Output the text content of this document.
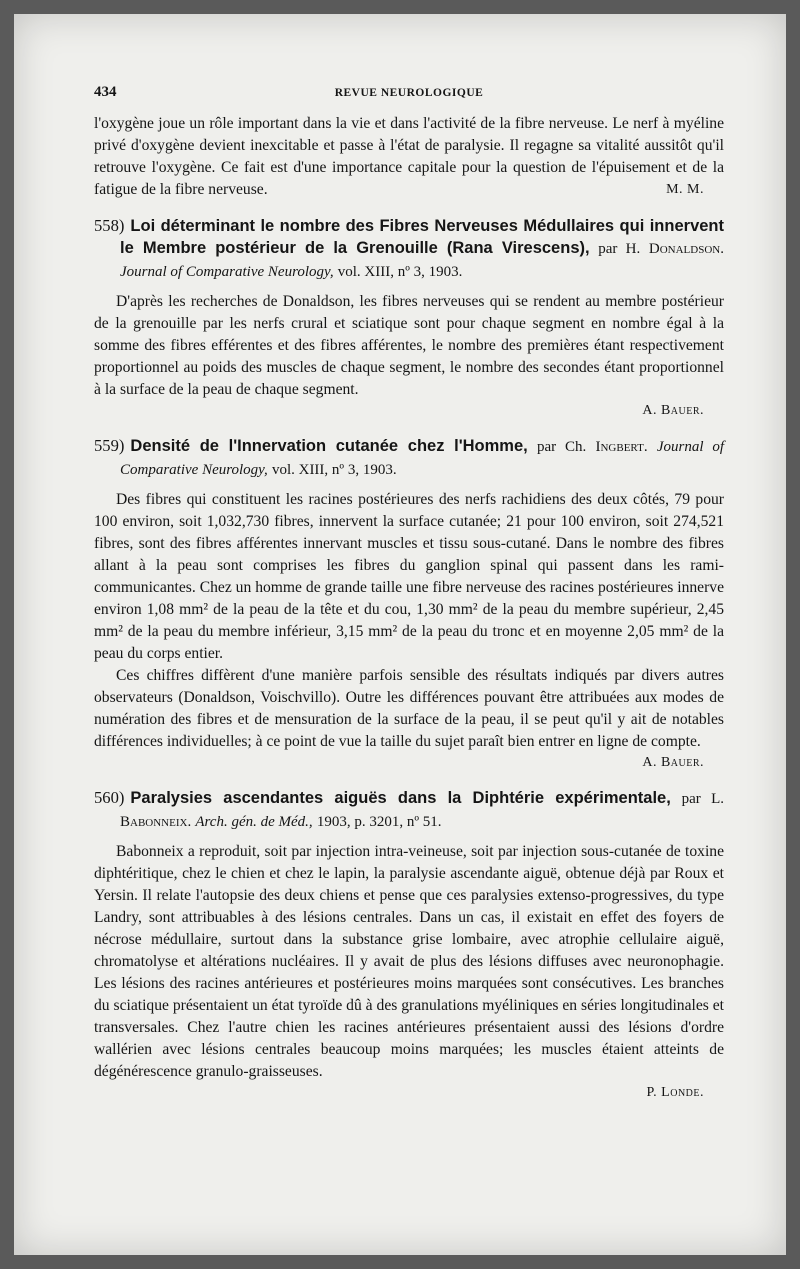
434	REVUE NEUROLOGIQUE

l'oxygène joue un rôle important dans la vie et dans l'activité de la fibre nerveuse. Le nerf à myéline privé d'oxygène devient inexcitable et passe à l'état de paralysie. Il regagne sa vitalité aussitôt qu'il retrouve l'oxygène. Ce fait est d'une importance capitale pour la question de l'épuisement et de la fatigue de la fibre nerveuse.	M. M.

558) Loi déterminant le nombre des Fibres Nerveuses Médullaires qui innervent le Membre postérieur de la Grenouille (Rana Virescens), par H. Donaldson. Journal of Comparative Neurology, vol. XIII, nº 3, 1903.

D'après les recherches de Donaldson, les fibres nerveuses qui se rendent au membre postérieur de la grenouille par les nerfs crural et sciatique sont pour chaque segment en nombre égal à la somme des fibres efférentes et des fibres afférentes, le nombre des premières étant respectivement proportionnel au poids des muscles de chaque segment, le nombre des secondes étant proportionnel à la surface de la peau de chaque segment.

A. Bauer.
559) Densité de l'Innervation cutanée chez l'Homme, par Ch. Ingbert. Journal of Comparative Neurology, vol. XIII, nº 3, 1903.

Des fibres qui constituent les racines postérieures des nerfs rachidiens des deux côtés, 79 pour 100 environ, soit 1,032,730 fibres, innervent la surface cutanée; 21 pour 100 environ, soit 274,521 fibres, sont des fibres afférentes innervant muscles et tissu sous-cutané. Dans le nombre des fibres allant à la peau sont comprises les fibres du ganglion spinal qui passent dans les rami-communicantes. Chez un homme de grande taille une fibre nerveuse des racines postérieures innerve environ 1,08 mm² de la peau de la tête et du cou, 1,30 mm² de la peau du membre supérieur, 2,45 mm² de la peau du membre inférieur, 3,15 mm² de la peau du tronc et en moyenne 2,05 mm² de la peau du corps entier.

Ces chiffres diffèrent d'une manière parfois sensible des résultats indiqués par divers autres observateurs (Donaldson, Voischvillo). Outre les différences pouvant être attribuées aux modes de numération des fibres et de mensuration de la surface de la peau, il se peut qu'il y ait de notables différences individuelles; à ce point de vue la taille du sujet paraît bien entrer en ligne de compte.

A. Bauer.
560) Paralysies ascendantes aiguës dans la Diphtérie expérimentale, par L. Babonneix. Arch. gén. de Méd., 1903, p. 3201, nº 51.

Babonneix a reproduit, soit par injection intra-veineuse, soit par injection sous-cutanée de toxine diphtéritique, chez le chien et chez le lapin, la paralysie ascendante aiguë, obtenue déjà par Roux et Yersin. Il relate l'autopsie des deux chiens et pense que ces paralysies extenso-progressives, du type Landry, sont attribuables à des lésions centrales. Dans un cas, il existait en effet des foyers de nécrose médullaire, surtout dans la substance grise lombaire, avec atrophie cellulaire aiguë, chromatolyse et altérations nucléaires. Il y avait de plus des lésions diffuses avec neuronophagie. Les lésions des racines antérieures et postérieures moins marquées sont consécutives. Les branches du sciatique présentaient un état tyroïde dû à des granulations myéliniques en séries longitudinales et transversales. Chez l'autre chien les racines antérieures présentaient aussi des lésions d'ordre wallérien avec lésions centrales beaucoup moins marquées; les muscles étaient atteints de dégénérescence granulo-graisseuses.

P. Londe.
